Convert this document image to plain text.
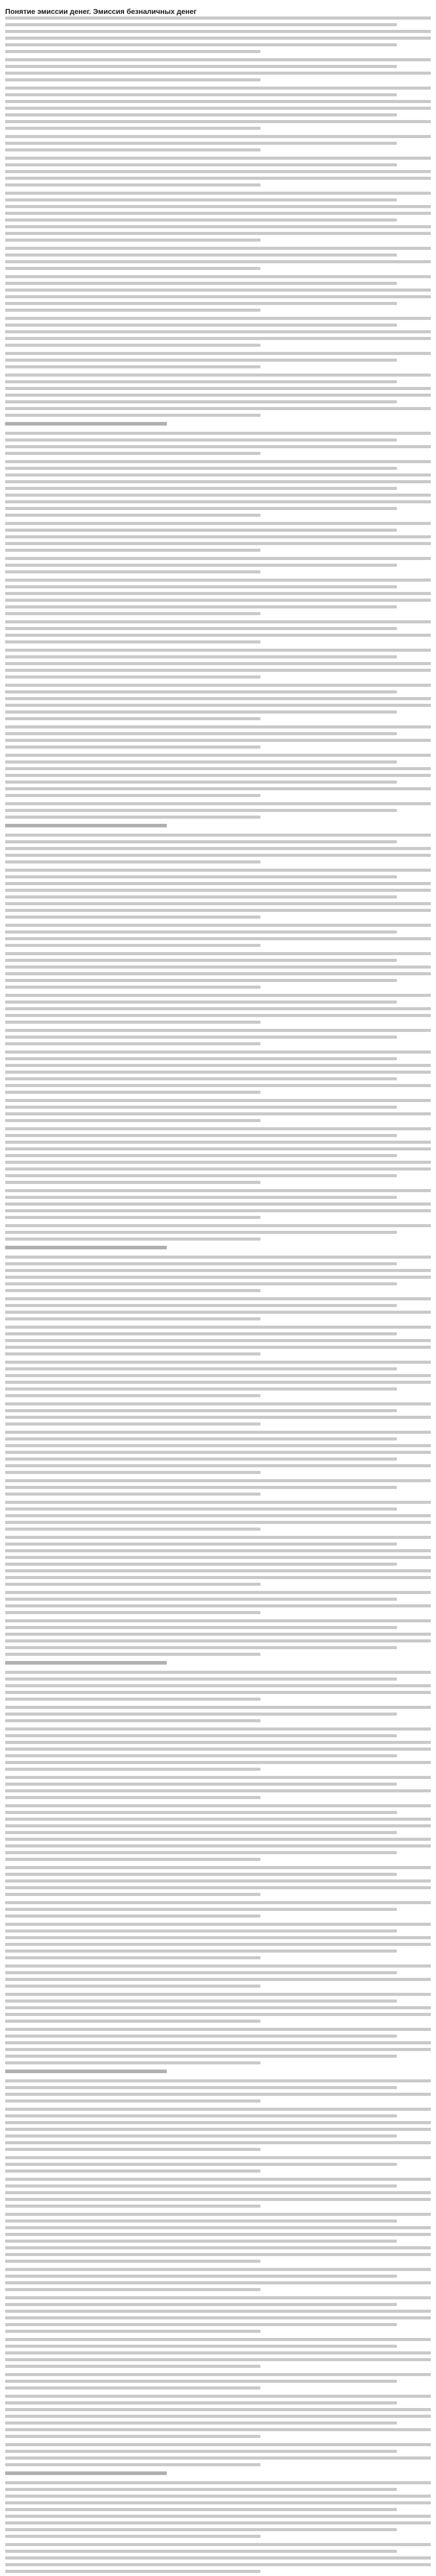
Понятие эмиссии денег. Эмиссия безналичных денег
